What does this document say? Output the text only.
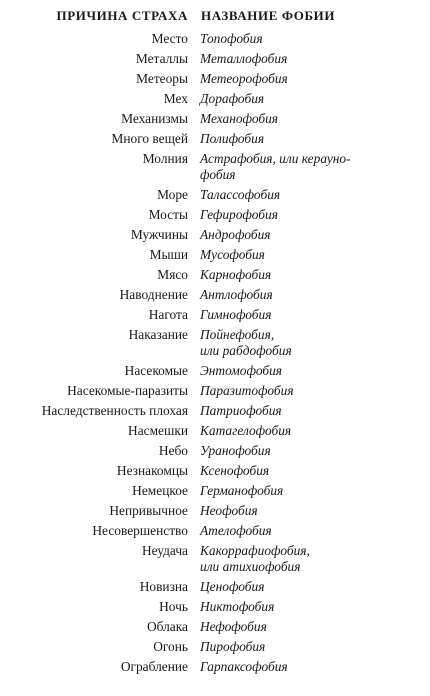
ПРИЧИНА СТРАХА НАЗВАНИЕ ФОБИИ
Место Топофобия
Металлы Металлофобия
Метеоры Метеорофобия
Мех Дорафобия
Механизмы Механофобия
Много вещей Полифобия
Молния Астрафобия, или керауно-
фобия
Море Талассофобия
Мосты Гефирофобия
Мужчины Андрофобия
Мыши Мусофобия
Мясо Карнофобия
Наводнение Антлофобия
Нагота Гимнофобия
Наказание Пойнефобия,
или рабдофобия
Насекомые Энтомофобия
Насекомые-паразиты Паразитофобия
Наследственность плохая Патриофобия
Насмешки Катагелофобия
Небо Уранофобия
Незнакомцы Ксенофобия
Немецкое Германофобия
Непривычное Неофобия
Несовершенство Ателофобия
Неудача Какоррафиофобия,
или атихиофобия
Новизна Ценофобия
Ночь Никтофобия
Облака Нефофобия
Огонь Пирофобия
Ограбление Гарпаксофобия
